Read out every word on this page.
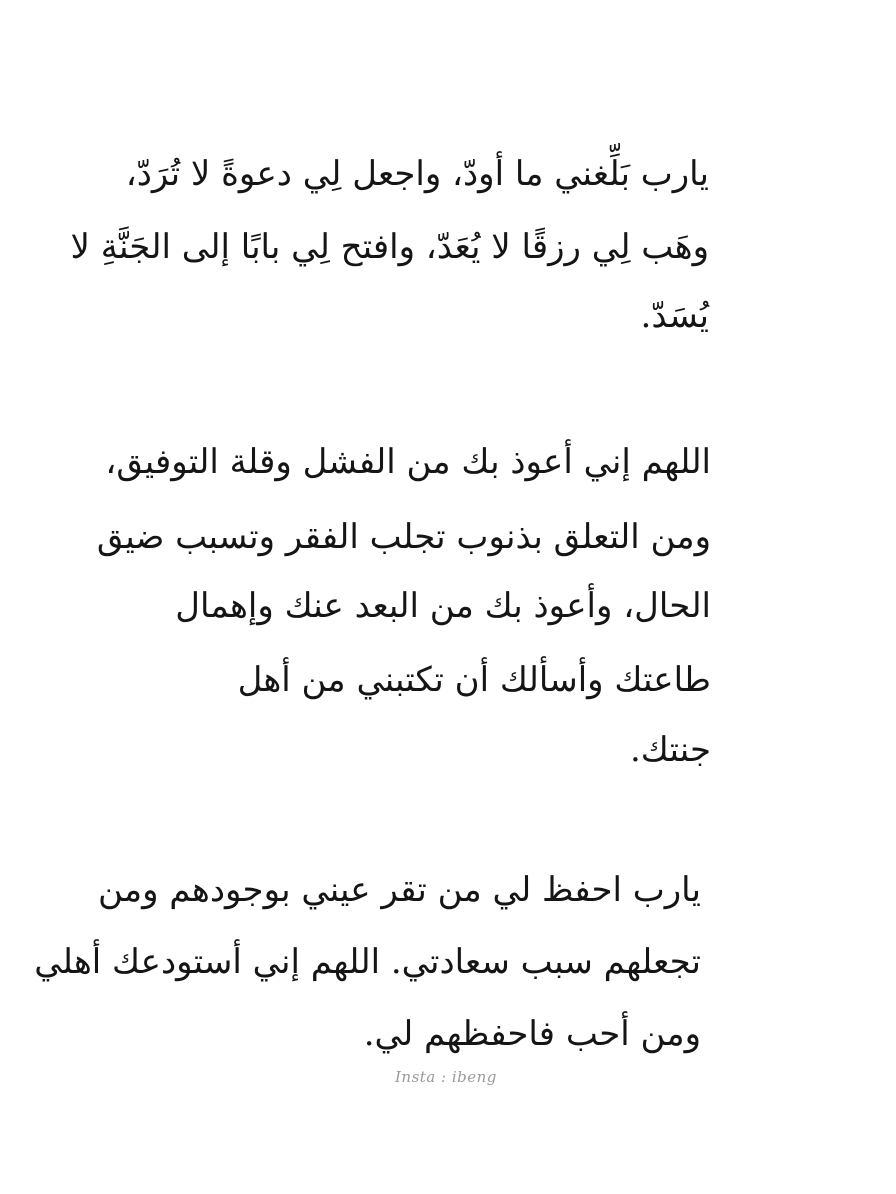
يارب بَلِّغني ما أودّ، واجعل لِي دعوةً لا تُرَدّ،
وهَب لِي رزقًا لا يُعَدّ، وافتح لِي بابًا إلى الجَنَّةِ لا
يُسَدّ.
اللهم إني أعوذ بك من الفشل وقلة التوفيق،
ومن التعلق بذنوب تجلب الفقر وتسبب ضيق
الحال، وأعوذ بك من البعد عنك وإهمال
طاعتك وأسألك أن تكتبني من أهل
جنتك.
يارب احفظ لي من تقر عيني بوجودهم ومن
تجعلهم سبب سعادتي. اللهم إني أستودعك أهلي
ومن أحب فاحفظهم لي.
Insta : ibeng
